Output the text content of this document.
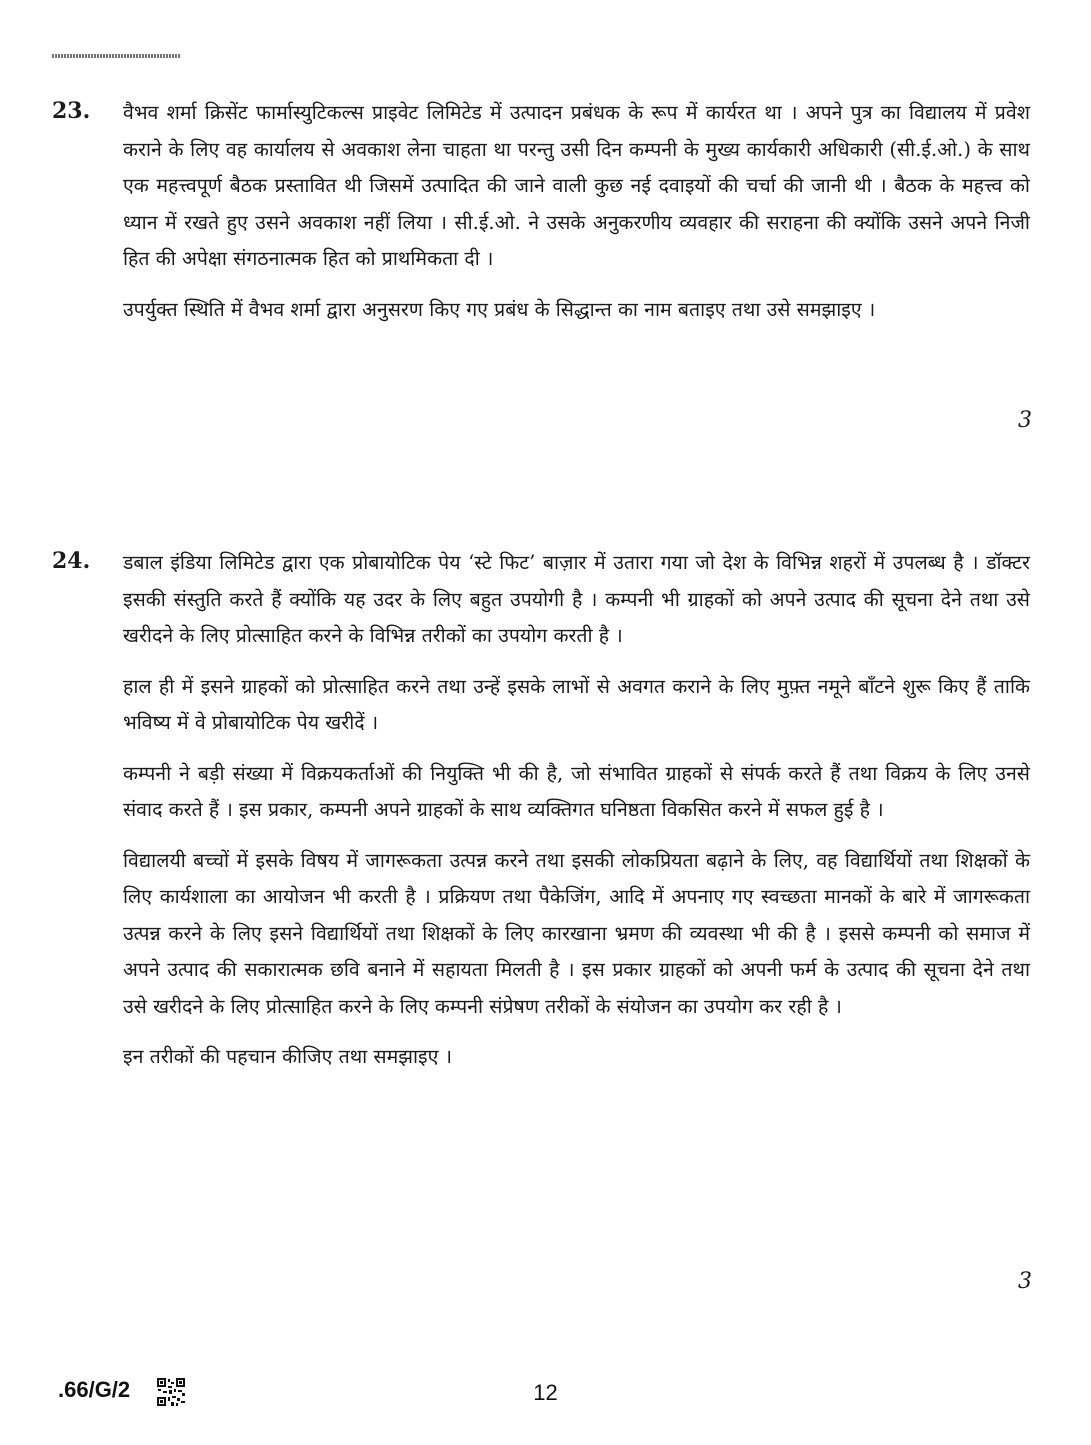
23. वैभव शर्मा क्रिसेंट फार्मास्युटिकल्स प्राइवेट लिमिटेड में उत्पादन प्रबंधक के रूप में कार्यरत था । अपने पुत्र का विद्यालय में प्रवेश कराने के लिए वह कार्यालय से अवकाश लेना चाहता था परन्तु उसी दिन कम्पनी के मुख्य कार्यकारी अधिकारी (सी.ई.ओ.) के साथ एक महत्त्वपूर्ण बैठक प्रस्तावित थी जिसमें उत्पादित की जाने वाली कुछ नई दवाइयों की चर्चा की जानी थी । बैठक के महत्त्व को ध्यान में रखते हुए उसने अवकाश नहीं लिया । सी.ई.ओ. ने उसके अनुकरणीय व्यवहार की सराहना की क्योंकि उसने अपने निजी हित की अपेक्षा संगठनात्मक हित को प्राथमिकता दी ।

उपर्युक्त स्थिति में वैभव शर्मा द्वारा अनुसरण किए गए प्रबंध के सिद्धान्त का नाम बताइए तथा उसे समझाइए ।

3
24. डबाल इंडिया लिमिटेड द्वारा एक प्रोबायोटिक पेय ‘स्टे फिट’ बाज़ार में उतारा गया जो देश के विभिन्न शहरों में उपलब्ध है । डॉक्टर इसकी संस्तुति करते हैं क्योंकि यह उदर के लिए बहुत उपयोगी है । कम्पनी भी ग्राहकों को अपने उत्पाद की सूचना देने तथा उसे खरीदने के लिए प्रोत्साहित करने के विभिन्न तरीकों का उपयोग करती है ।

हाल ही में इसने ग्राहकों को प्रोत्साहित करने तथा उन्हें इसके लाभों से अवगत कराने के लिए मुफ़्त नमूने बाँटने शुरू किए हैं ताकि भविष्य में वे प्रोबायोटिक पेय खरीदें ।

कम्पनी ने बड़ी संख्या में विक्रयकर्ताओं की नियुक्ति भी की है, जो संभावित ग्राहकों से संपर्क करते हैं तथा विक्रय के लिए उनसे संवाद करते हैं । इस प्रकार, कम्पनी अपने ग्राहकों के साथ व्यक्तिगत घनिष्ठता विकसित करने में सफल हुई है ।

विद्यालयी बच्चों में इसके विषय में जागरूकता उत्पन्न करने तथा इसकी लोकप्रियता बढ़ाने के लिए, वह विद्यार्थियों तथा शिक्षकों के लिए कार्यशाला का आयोजन भी करती है । प्रक्रियण तथा पैकेजिंग, आदि में अपनाए गए स्वच्छता मानकों के बारे में जागरूकता उत्पन्न करने के लिए इसने विद्यार्थियों तथा शिक्षकों के लिए कारखाना भ्रमण की व्यवस्था भी की है । इससे कम्पनी को समाज में अपने उत्पाद की सकारात्मक छवि बनाने में सहायता मिलती है । इस प्रकार ग्राहकों को अपनी फर्म के उत्पाद की सूचना देने तथा उसे खरीदने के लिए प्रोत्साहित करने के लिए कम्पनी संप्रेषण तरीकों के संयोजन का उपयोग कर रही है ।

इन तरीकों की पहचान कीजिए तथा समझाइए ।

3
.66/G/2	12
